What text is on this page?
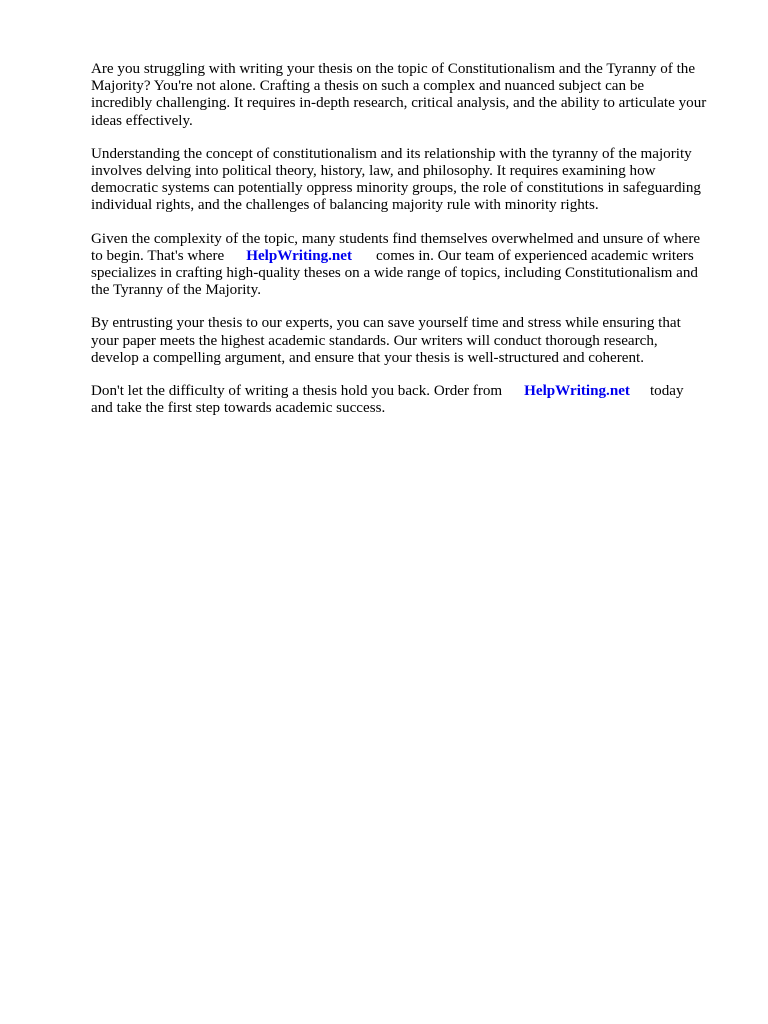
Are you struggling with writing your thesis on the topic of Constitutionalism and the Tyranny of the
Majority? You're not alone. Crafting a thesis on such a complex and nuanced subject can be
incredibly challenging. It requires in-depth research, critical analysis, and the ability to articulate your
ideas effectively.

Understanding the concept of constitutionalism and its relationship with the tyranny of the majority
involves delving into political theory, history, law, and philosophy. It requires examining how
democratic systems can potentially oppress minority groups, the role of constitutions in safeguarding
individual rights, and the challenges of balancing majority rule with minority rights.

Given the complexity of the topic, many students find themselves overwhelmed and unsure of where
to begin. That's where HelpWriting.net comes in. Our team of experienced academic writers
specializes in crafting high-quality theses on a wide range of topics, including Constitutionalism and
the Tyranny of the Majority.

By entrusting your thesis to our experts, you can save yourself time and stress while ensuring that
your paper meets the highest academic standards. Our writers will conduct thorough research,
develop a compelling argument, and ensure that your thesis is well-structured and coherent.

Don't let the difficulty of writing a thesis hold you back. Order from HelpWriting.net today
and take the first step towards academic success.
